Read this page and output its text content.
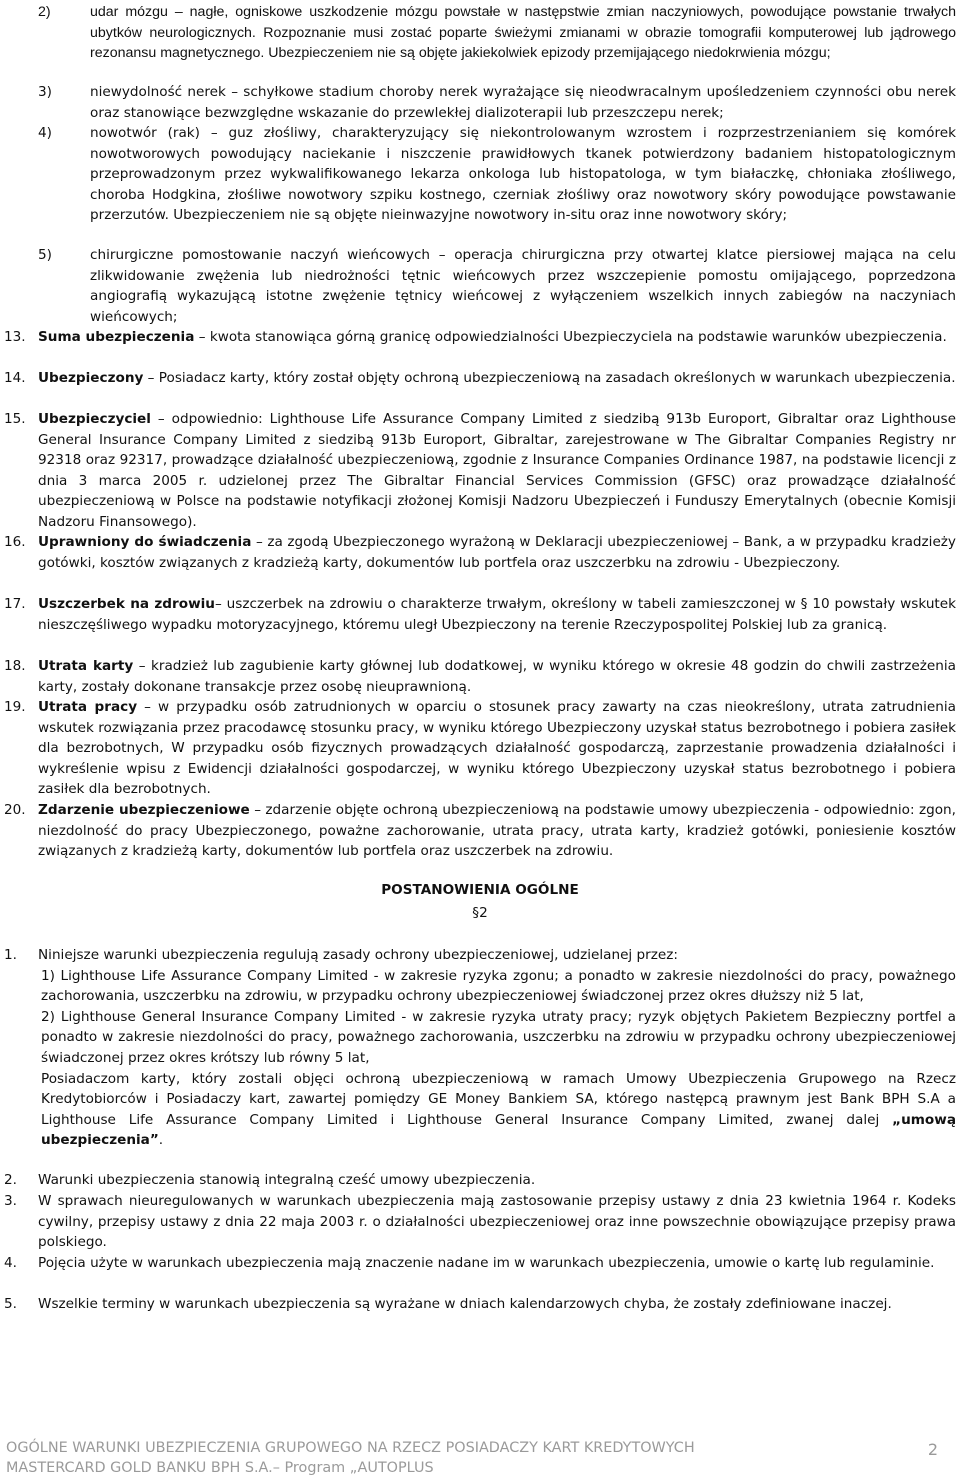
2)	udar mózgu – nagłe, ogniskowe uszkodzenie mózgu powstałe w następstwie zmian naczyniowych, powodujące powstanie trwałych ubytków neurologicznych. Rozpoznanie musi zostać poparte świeżymi zmianami w obrazie tomografii komputerowej lub jądrowego rezonansu magnetycznego. Ubezpieczeniem nie są objęte jakiekolwiek epizody przemijającego niedokrwienia mózgu;
3)	niewydolność nerek – schyłkowe stadium choroby nerek wyrażające się nieodwracalnym upośledzeniem czynności obu nerek oraz stanowiące bezwzględne wskazanie do przewlekłej dializoterapii lub przeszczepu nerek;
4)	nowotwór (rak) – guz złośliwy, charakteryzujący się niekontrolowanym wzrostem i rozprzestrzenianiem się komórek nowotworowych powodujący naciekanie i niszczenie prawidłowych tkanek potwierdzony badaniem histopatologicznym przeprowadzonym przez wykwalifikowanego lekarza onkologa lub histopatologa, w tym białaczkę, chłoniaka złośliwego, choroba Hodgkina, złośliwe nowotwory szpiku kostnego, czerniak złośliwy oraz nowotwory skóry powodujące powstawanie przerzutów. Ubezpieczeniem nie są objęte nieinwazyjne nowotwory in-situ oraz inne nowotwory skóry;
5)	chirurgiczne pomostowanie naczyń wieńcowych – operacja chirurgiczna przy otwartej klatce piersiowej mająca na celu zlikwidowanie zwężenia lub niedrożności tętnic wieńcowych przez wszczepienie pomostu omijającego, poprzedzona angiografią wykazującą istotne zwężenie tętnicy wieńcowej z wyłączeniem wszelkich innych zabiegów na naczyniach wieńcowych;
13. Suma ubezpieczenia – kwota stanowiąca górną granicę odpowiedzialności Ubezpieczyciela na podstawie warunków ubezpieczenia.
14. Ubezpieczony – Posiadacz karty, który został objęty ochroną ubezpieczeniową na zasadach określonych w warunkach ubezpieczenia.
15. Ubezpieczyciel – odpowiednio: Lighthouse Life Assurance Company Limited z siedzibą 913b Europort, Gibraltar oraz Lighthouse General Insurance Company Limited z siedzibą 913b Europort, Gibraltar, zarejestrowane w The Gibraltar Companies Registry nr 92318 oraz 92317, prowadzące działalność ubezpieczeniową, zgodnie z Insurance Companies Ordinance 1987, na podstawie licencji z dnia 3 marca 2005 r. udzielonej przez The Gibraltar Financial Services Commission (GFSC) oraz prowadzące działalność ubezpieczeniową w Polsce na podstawie notyfikacji złożonej Komisji Nadzoru Ubezpieczeń i Funduszy Emerytalnych (obecnie Komisji Nadzoru Finansowego).
16. Uprawniony do świadczenia – za zgodą Ubezpieczonego wyrażoną w Deklaracji ubezpieczeniowej – Bank, a w przypadku kradzieży gotówki, kosztów związanych z kradzieżą karty, dokumentów lub portfela oraz uszczerbku na zdrowiu - Ubezpieczony.
17. Uszczerbek na zdrowiu– uszczerbek na zdrowiu o charakterze trwałym, określony w tabeli zamieszczonej w § 10 powstały wskutek nieszczęśliwego wypadku motoryzacyjnego, któremu uległ Ubezpieczony na terenie Rzeczypospolitej Polskiej lub za granicą.
18. Utrata karty – kradzież lub zagubienie karty głównej lub dodatkowej, w wyniku którego w okresie 48 godzin do chwili zastrzeżenia karty, zostały dokonane transakcje przez osobę nieuprawnioną.
19. Utrata pracy – w przypadku osób zatrudnionych w oparciu o stosunek pracy zawarty na czas nieokreślony, utrata zatrudnienia wskutek rozwiązania przez pracodawcę stosunku pracy, w wyniku którego Ubezpieczony uzyskał status bezrobotnego i pobiera zasiłek dla bezrobotnych, W przypadku osób fizycznych prowadzących działalność gospodarczą, zaprzestanie prowadzenia działalności i wykreślenie wpisu z Ewidencji działalności gospodarczej, w wyniku którego Ubezpieczony uzyskał status bezrobotnego i pobiera zasiłek dla bezrobotnych.
20. Zdarzenie ubezpieczeniowe – zdarzenie objęte ochroną ubezpieczeniową na podstawie umowy ubezpieczenia - odpowiednio: zgon, niezdolność do pracy Ubezpieczonego, poważne zachorowanie, utrata pracy, utrata karty, kradzież gotówki, poniesienie kosztów związanych z kradzieżą karty, dokumentów lub portfela oraz uszczerbek na zdrowiu.
POSTANOWIENIA OGÓLNE
§2
1.	Niniejsze warunki ubezpieczenia regulują zasady ochrony ubezpieczeniowej, udzielanej przez:
1) Lighthouse Life Assurance Company Limited - w zakresie ryzyka zgonu; a ponadto w zakresie niezdolności do pracy, poważnego zachorowania, uszczerbku na zdrowiu, w przypadku ochrony ubezpieczeniowej świadczonej przez okres dłuższy niż 5 lat,
2) Lighthouse General Insurance Company Limited - w zakresie ryzyka utraty pracy; ryzyk objętych Pakietem Bezpieczny portfel a ponadto w zakresie niezdolności do pracy, poważnego zachorowania, uszczerbku na zdrowiu w przypadku ochrony ubezpieczeniowej świadczonej przez okres krótszy lub równy 5 lat,
Posiadaczom karty, który zostali objęci ochroną ubezpieczeniową w ramach Umowy Ubezpieczenia Grupowego na Rzecz Kredytobiorców i Posiadaczy kart, zawartej pomiędzy GE Money Bankiem SA, którego następcą prawnym jest Bank BPH S.A a Lighthouse Life Assurance Company Limited i Lighthouse General Insurance Company Limited, zwanej dalej „umową ubezpieczenia”.
2.	Warunki ubezpieczenia stanowią integralną cześć umowy ubezpieczenia.
3.	W sprawach nieuregulowanych w warunkach ubezpieczenia mają zastosowanie przepisy ustawy z dnia 23 kwietnia 1964 r. Kodeks cywilny, przepisy ustawy z dnia 22 maja 2003 r. o działalności ubezpieczeniowej oraz inne powszechnie obowiązujące przepisy prawa polskiego.
4.	Pojęcia użyte w warunkach ubezpieczenia mają znaczenie nadane im w warunkach ubezpieczenia, umowie o kartę lub regulaminie.
5.	Wszelkie terminy w warunkach ubezpieczenia są wyrażane w dniach kalendarzowych chyba, że zostały zdefiniowane inaczej.
OGÓLNE WARUNKI UBEZPIECZENIA GRUPOWEGO NA RZECZ POSIADACZY KART KREDYTOWYCH
MASTERCARD GOLD BANKU BPH S.A.– Program „AUTOPLUS
2
